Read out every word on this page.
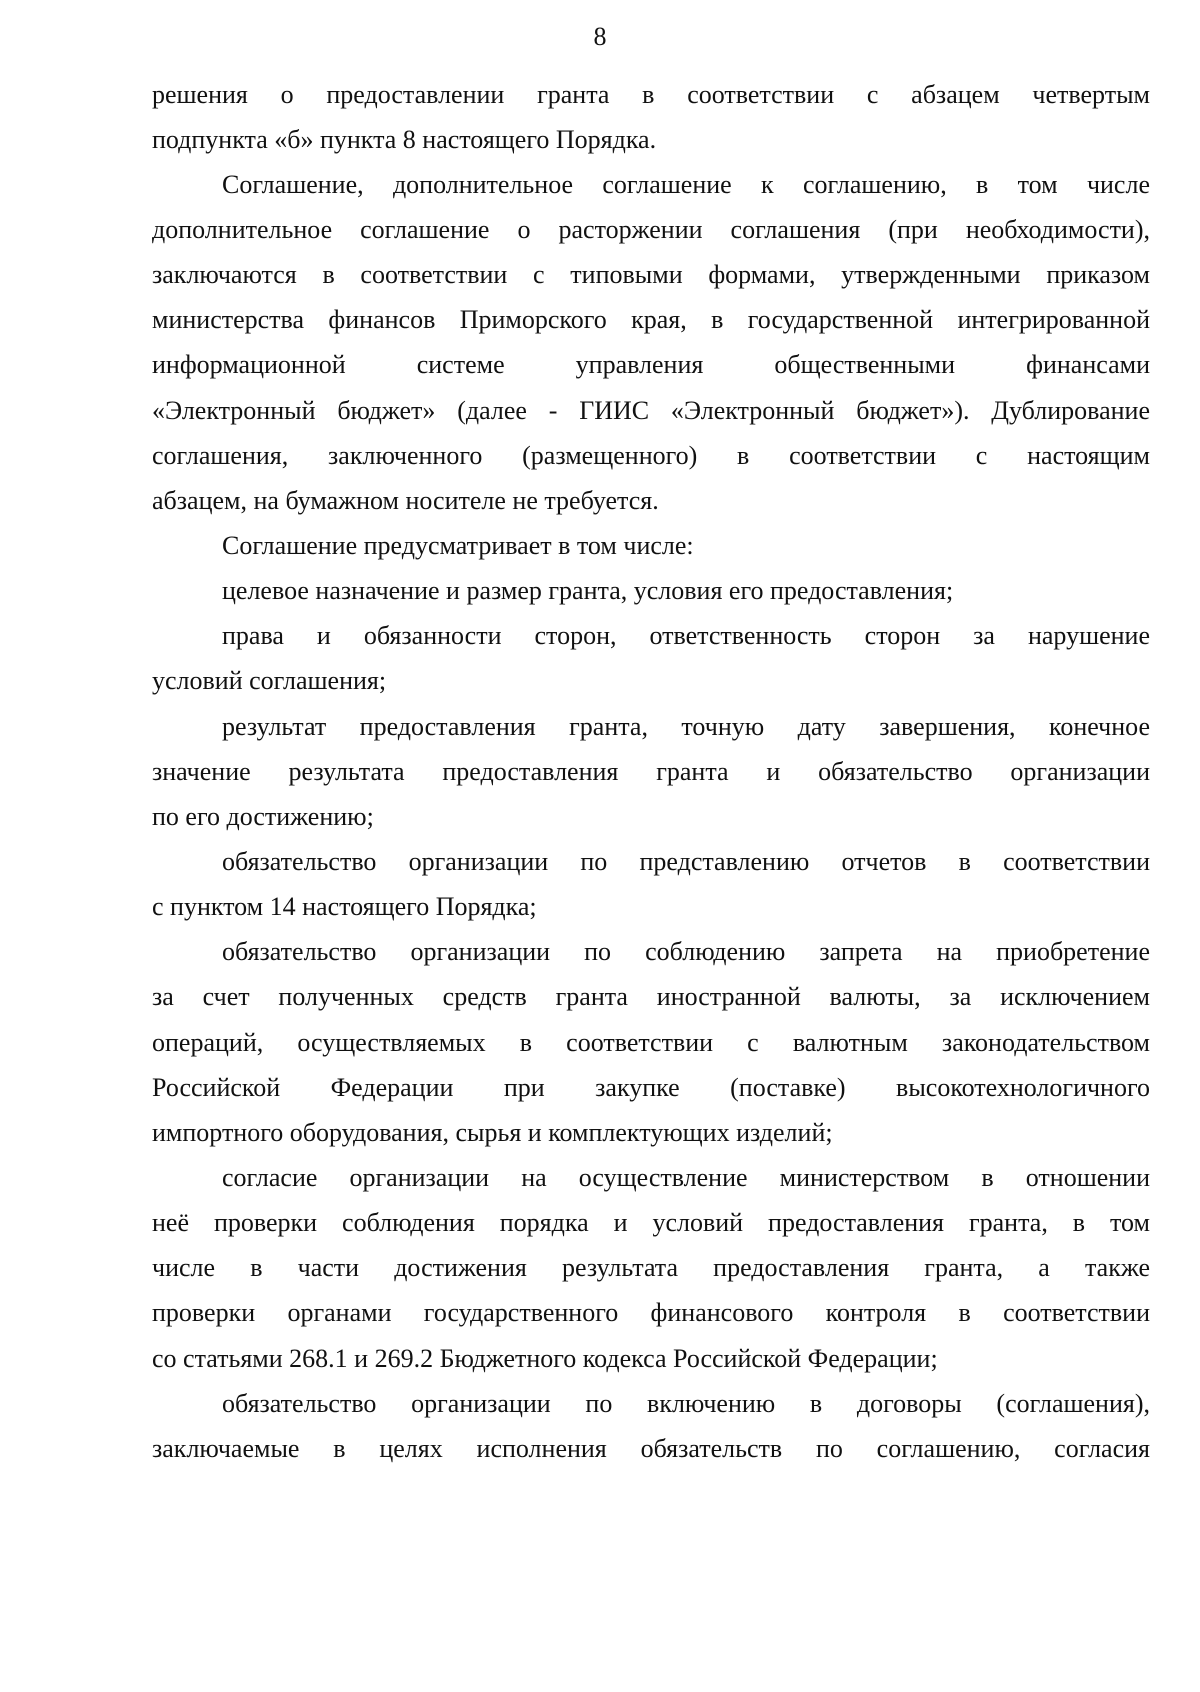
8
решения о предоставлении гранта в соответствии с абзацем четвертым
подпункта «б» пункта 8 настоящего Порядка.
Соглашение, дополнительное соглашение к соглашению, в том числе
дополнительное соглашение о расторжении соглашения (при необходимости),
заключаются в соответствии с типовыми формами, утвержденными приказом
министерства финансов Приморского края, в государственной интегрированной
информационной системе управления общественными финансами
«Электронный бюджет» (далее - ГИИС «Электронный бюджет»). Дублирование
соглашения, заключенного (размещенного) в соответствии с настоящим
абзацем, на бумажном носителе не требуется.
Соглашение предусматривает в том числе:
целевое назначение и размер гранта, условия его предоставления;
права и обязанности сторон, ответственность сторон за нарушение
условий соглашения;
результат предоставления гранта, точную дату завершения, конечное
значение результата предоставления гранта и обязательство организации
по его достижению;
обязательство организации по представлению отчетов в соответствии
с пунктом 14 настоящего Порядка;
обязательство организации по соблюдению запрета на приобретение
за счет полученных средств гранта иностранной валюты, за исключением
операций, осуществляемых в соответствии с валютным законодательством
Российской Федерации при закупке (поставке) высокотехнологичного
импортного оборудования, сырья и комплектующих изделий;
согласие организации на осуществление министерством в отношении
неё проверки соблюдения порядка и условий предоставления гранта, в том
числе в части достижения результата предоставления гранта, а также
проверки органами государственного финансового контроля в соответствии
со статьями 268.1 и 269.2 Бюджетного кодекса Российской Федерации;
обязательство организации по включению в договоры (соглашения),
заключаемые в целях исполнения обязательств по соглашению, согласия
